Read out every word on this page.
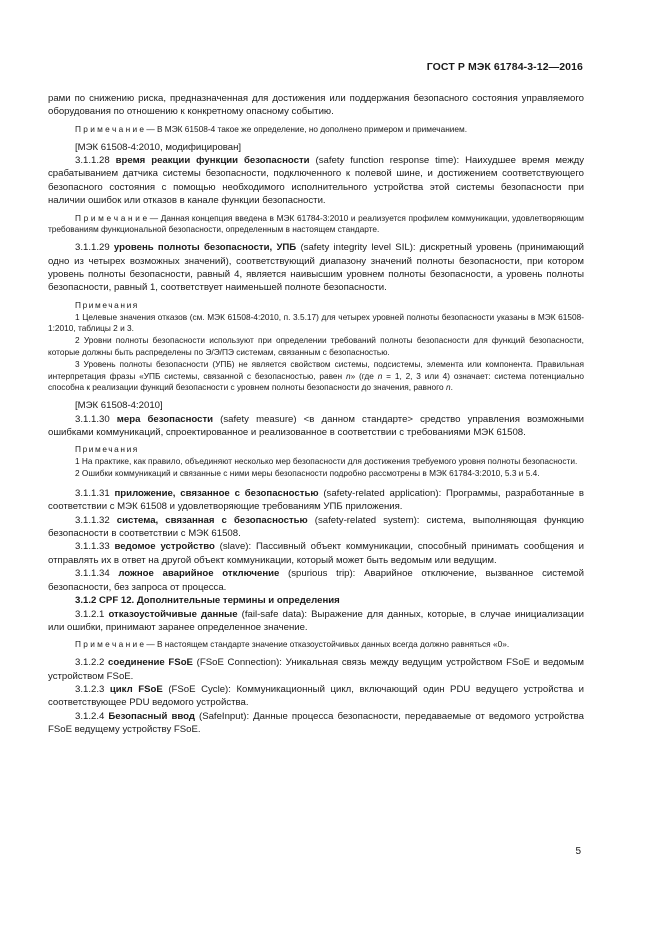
ГОСТ Р МЭК 61784-3-12—2016

рами по снижению риска, предназначенная для достижения или поддержания безопасного состояния управляемого оборудования по отношению к конкретному опасному событию.

П р и м е ч а н и е — В МЭК 61508-4 такое же определение, но дополнено примером и примечанием.

[МЭК 61508-4:2010, модифицирован]

3.1.1.28 время реакции функции безопасности (safety function response time): Наихудшее время между срабатыванием датчика системы безопасности, подключенного к полевой шине, и достижением соответствующего безопасного состояния с помощью необходимого исполнительного устройства этой системы безопасности при наличии ошибок или отказов в канале функции безопасности.

П р и м е ч а н и е — Данная концепция введена в МЭК 61784-3:2010 и реализуется профилем коммуникации, удовлетворяющим требованиям функциональной безопасности, определенным в настоящем стандарте.

3.1.1.29 уровень полноты безопасности, УПБ (safety integrity level SIL): дискретный уровень (принимающий одно из четырех возможных значений), соответствующий диапазону значений полноты безопасности, при котором уровень полноты безопасности, равный 4, является наивысшим уровнем полноты безопасности, а уровень полноты безопасности, равный 1, соответствует наименьшей полноте безопасности.

Примечания

1 Целевые значения отказов (см. МЭК 61508-4:2010, п. 3.5.17) для четырех уровней полноты безопасности указаны в МЭК 61508-1:2010, таблицы 2 и 3.

2 Уровни полноты безопасности используют при определении требований полноты безопасности для функций безопасности, которые должны быть распределены по Э/Э/ПЭ системам, связанным с безопасностью.

3 Уровень полноты безопасности (УПБ) не является свойством системы, подсистемы, элемента или компонента. Правильная интерпретация фразы «УПБ системы, связанной с безопасностью, равен n» (где n = 1, 2, 3 или 4) означает: система потенциально способна к реализации функций безопасности с уровнем полноты безопасности до значения, равного n.

[МЭК 61508-4:2010]

3.1.1.30 мера безопасности (safety measure) <в данном стандарте> средство управления возможными ошибками коммуникаций, спроектированное и реализованное в соответствии с требованиями МЭК 61508.

Примечания

1 На практике, как правило, объединяют несколько мер безопасности для достижения требуемого уровня полноты безопасности.

2 Ошибки коммуникаций и связанные с ними меры безопасности подробно рассмотрены в МЭК 61784-3:2010, 5.3 и 5.4.

3.1.1.31 приложение, связанное с безопасностью (safety-related application): Программы, разработанные в соответствии с МЭК 61508 и удовлетворяющие требованиям УПБ приложения.

3.1.1.32 система, связанная с безопасностью (safety-related system): система, выполняющая функцию безопасности в соответствии с МЭК 61508.

3.1.1.33 ведомое устройство (slave): Пассивный объект коммуникации, способный принимать сообщения и отправлять их в ответ на другой объект коммуникации, который может быть ведомым или ведущим.

3.1.1.34 ложное аварийное отключение (spurious trip): Аварийное отключение, вызванное системой безопасности, без запроса от процесса.

3.1.2 CPF 12. Дополнительные термины и определения

3.1.2.1 отказоустойчивые данные (fail-safe data): Выражение для данных, которые, в случае инициализации или ошибки, принимают заранее определенное значение.

П р и м е ч а н и е — В настоящем стандарте значение отказоустойчивых данных всегда должно равняться «0».

3.1.2.2 соединение FSoE (FSoE Connection): Уникальная связь между ведущим устройством FSoE и ведомым устройством FSoE.

3.1.2.3 цикл FSoE (FSoE Cycle): Коммуникационный цикл, включающий один PDU ведущего устройства и соответствующее PDU ведомого устройства.

3.1.2.4 Безопасный ввод (SafeInput): Данные процесса безопасности, передаваемые от ведомого устройства FSoE ведущему устройству FSoE.

5
